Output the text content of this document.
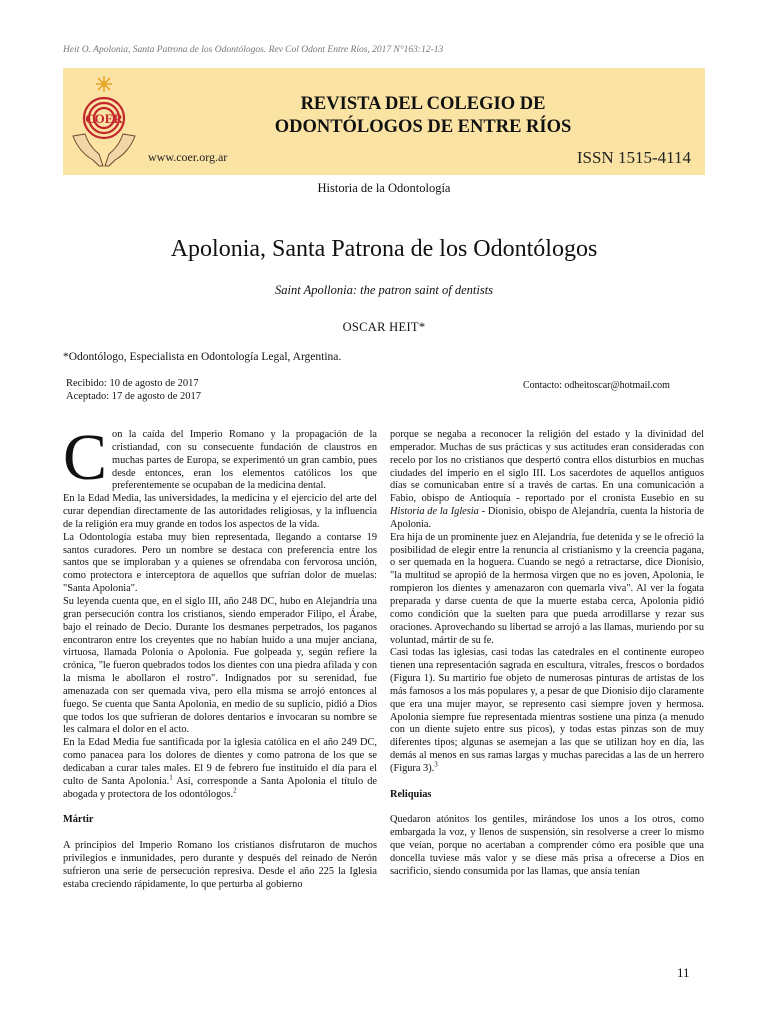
Heit O. Apolonia, Santa Patrona de los Odontólogos. Rev Col Odont Entre Ríos, 2017 N°163:12-13
COER
REVISTA DEL COLEGIO DE
ODONTÓLOGOS DE ENTRE RÍOS
www.coer.org.ar	ISSN 1515-4114
Historia de la Odontología
Apolonia, Santa Patrona de los Odontólogos
Saint Apollonia: the patron saint of dentists
OSCAR HEIT*
*Odontólogo, Especialista en Odontología Legal, Argentina.
Recibido: 10 de agosto de 2017
Aceptado: 17 de agosto de 2017
Contacto: odheitoscar@hotmail.com

Con la caída del Imperio Romano y la propagación de la cristiandad, con su consecuente fundación de claustros en muchas partes de Europa, se experimentó un gran cambio, pues desde entonces, eran los elementos católicos los que preferentemente se ocupaban de la medicina dental.

En la Edad Media, las universidades, la medicina y el ejercicio del arte del curar dependían directamente de las autoridades religiosas, y la influencia de la religión era muy grande en todos los aspectos de la vida.

La Odontología estaba muy bien representada, llegando a contarse 19 santos curadores. Pero un nombre se destaca con preferencia entre los santos que se imploraban y a quienes se ofrendaba con fervorosa unción, como protectora e interceptora de aquellos que sufrían dolor de muelas: "Santa Apolonia".

Su leyenda cuenta que, en el siglo III, año 248 DC, hubo en Alejandría una gran persecución contra los cristianos, siendo emperador Filipo, el Árabe, bajo el reinado de Decio. Durante los desmanes perpetrados, los paganos encontraron entre los creyentes que no habían huido a una mujer anciana, virtuosa, llamada Polonia o Apolonia. Fue golpeada y, según refiere la crónica, "le fueron quebrados todos los dientes con una piedra afilada y con la misma le abollaron el rostro". Indignados por su serenidad, fue amenazada con ser quemada viva, pero ella misma se arrojó entonces al fuego. Se cuenta que Santa Apolonia, en medio de su suplicio, pidió a Dios que todos los que sufrieran de dolores dentarios e invocaran su nombre se les calmara el dolor en el acto.

En la Edad Media fue santificada por la iglesia católica en el año 249 DC, como panacea para los dolores de dientes y como patrona de los que se dedicaban a curar tales males. El 9 de febrero fue instituido el día para el culto de Santa Apolonia.$^1$ Así, corresponde a Santa Apolonia el título de abogada y protectora de los odontólogos.$^2$

Mártir

A principios del Imperio Romano los cristianos disfrutaron de muchos privilegios e inmunidades, pero durante y después del reinado de Nerón sufrieron una serie de persecución represiva. Desde el año 225 la Iglesia estaba creciendo rápidamente, lo que perturba al gobierno

porque se negaba a reconocer la religión del estado y la divinidad del emperador. Muchas de sus prácticas y sus actitudes eran consideradas con recelo por los no cristianos que despertó contra ellos disturbios en muchas ciudades del imperio en el siglo III. Los sacerdotes de aquellos antiguos días se comunicaban entre sí a través de cartas. En una comunicación a Fabio, obispo de Antioquía - reportado por el cronista Eusebio en su Historia de la Iglesia - Dionisio, obispo de Alejandría, cuenta la historia de Apolonia.

Era hija de un prominente juez en Alejandría, fue detenida y se le ofreció la posibilidad de elegir entre la renuncia al cristianismo y la creencia pagana, o ser quemada en la hoguera. Cuando se negó a retractarse, dice Dionisio, "la multitud se apropió de la hermosa virgen que no es joven, Apolonia, le rompieron los dientes y amenazaron con quemarla viva". Al ver la fogata preparada y darse cuenta de que la muerte estaba cerca, Apolonia pidió como condición que la suelten para que pueda arrodillarse y rezar sus oraciones. Aprovechando su libertad se arrojó a las llamas, muriendo por su voluntad, mártir de su fe.

Casi todas las iglesias, casi todas las catedrales en el continente europeo tienen una representación sagrada en escultura, vitrales, frescos o bordados (Figura 1). Su martirio fue objeto de numerosas pinturas de artistas de los más famosos a los más populares y, a pesar de que Dionisio dijo claramente que era una mujer mayor, se represento casi siempre joven y hermosa. Apolonia siempre fue representada mientras sostiene una pinza (a menudo con un diente sujeto entre sus picos), y todas estas pinzas son de muy diferentes tipos; algunas se asemejan a las que se utilizan hoy en día, las demás al menos en sus ramas largas y muchas parecidas a las de un herrero (Figura 3).$^3$

Reliquias

Quedaron atónitos los gentiles, mirándose los unos a los otros, como embargada la voz, y llenos de suspensión, sin resolverse a creer lo mismo que veían, porque no acertaban a comprender cómo era posible que una doncella tuviese más valor y se diese más prisa a ofrecerse a Dios en sacrificio, siendo consumida por las llamas, que ansía tenían

11
